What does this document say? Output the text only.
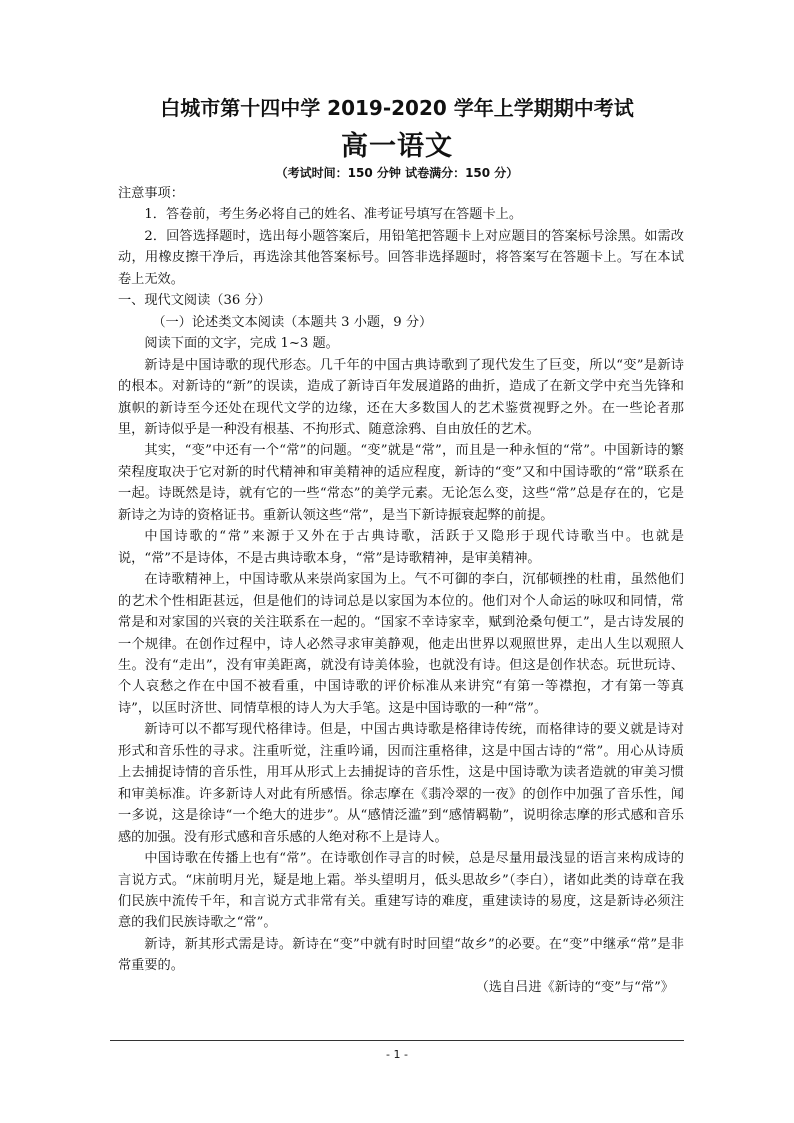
白城市第十四中学 2019-2020 学年上学期期中考试
高一语文
（考试时间：150 分钟 试卷满分：150 分）

注意事项：

1．答卷前，考生务必将自己的姓名、准考证号填写在答题卡上。

2．回答选择题时，选出每小题答案后，用铅笔把答题卡上对应题目的答案标号涂黑。如需改动，用橡皮擦干净后，再选涂其他答案标号。回答非选择题时，将答案写在答题卡上。写在本试卷上无效。

一、现代文阅读（36 分）

（一）论述类文本阅读（本题共 3 小题，9 分）

阅读下面的文字，完成 1~3 题。

新诗是中国诗歌的现代形态。几千年的中国古典诗歌到了现代发生了巨变，所以“变”是新诗的根本。对新诗的“新”的误读，造成了新诗百年发展道路的曲折，造成了在新文学中充当先锋和旗帜的新诗至今还处在现代文学的边缘，还在大多数国人的艺术鉴赏视野之外。在一些论者那里，新诗似乎是一种没有根基、不拘形式、随意涂鸦、自由放任的艺术。

其实，“变”中还有一个“常”的问题。“变”就是“常”，而且是一种永恒的“常”。中国新诗的繁荣程度取决于它对新的时代精神和审美精神的适应程度，新诗的“变”又和中国诗歌的“常”联系在一起。诗既然是诗，就有它的一些“常态”的美学元素。无论怎么变，这些“常”总是存在的，它是新诗之为诗的资格证书。重新认领这些“常”，是当下新诗振衰起弊的前提。

中国诗歌的“常”来源于又外在于古典诗歌，活跃于又隐形于现代诗歌当中。也就是说，“常”不是诗体，不是古典诗歌本身，“常”是诗歌精神，是审美精神。

在诗歌精神上，中国诗歌从来崇尚家国为上。气不可御的李白，沉郁顿挫的杜甫，虽然他们的艺术个性相距甚远，但是他们的诗词总是以家国为本位的。他们对个人命运的咏叹和同情，常常是和对家国的兴衰的关注联系在一起的。“国家不幸诗家幸，赋到沧桑句便工”，是古诗发展的一个规律。在创作过程中，诗人必然寻求审美静观，他走出世界以观照世界，走出人生以观照人生。没有“走出”，没有审美距离，就没有诗美体验，也就没有诗。但这是创作状态。玩世玩诗、个人哀愁之作在中国不被看重，中国诗歌的评价标准从来讲究“有第一等襟抱，才有第一等真诗”，以匡时济世、同情草根的诗人为大手笔。这是中国诗歌的一种“常”。

新诗可以不都写现代格律诗。但是，中国古典诗歌是格律诗传统，而格律诗的要义就是诗对形式和音乐性的寻求。注重听觉，注重吟诵，因而注重格律，这是中国古诗的“常”。用心从诗质上去捕捉诗情的音乐性，用耳从形式上去捕捉诗的音乐性，这是中国诗歌为读者造就的审美习惯和审美标准。许多新诗人对此有所感悟。徐志摩在《翡冷翠的一夜》的创作中加强了音乐性，闻一多说，这是徐诗“一个绝大的进步”。从“感情泛滥”到“感情羁勒”，说明徐志摩的形式感和音乐感的加强。没有形式感和音乐感的人绝对称不上是诗人。

中国诗歌在传播上也有“常”。在诗歌创作寻言的时候，总是尽量用最浅显的语言来构成诗的言说方式。“床前明月光，疑是地上霜。举头望明月，低头思故乡”（李白），诸如此类的诗章在我们民族中流传千年，和言说方式非常有关。重建写诗的难度，重建读诗的易度，这是新诗必须注意的我们民族诗歌之“常”。

新诗，新其形式需是诗。新诗在“变”中就有时时回望“故乡”的必要。在“变”中继承“常”是非常重要的。

（选自吕进《新诗的“变”与“常”》

- 1 -
